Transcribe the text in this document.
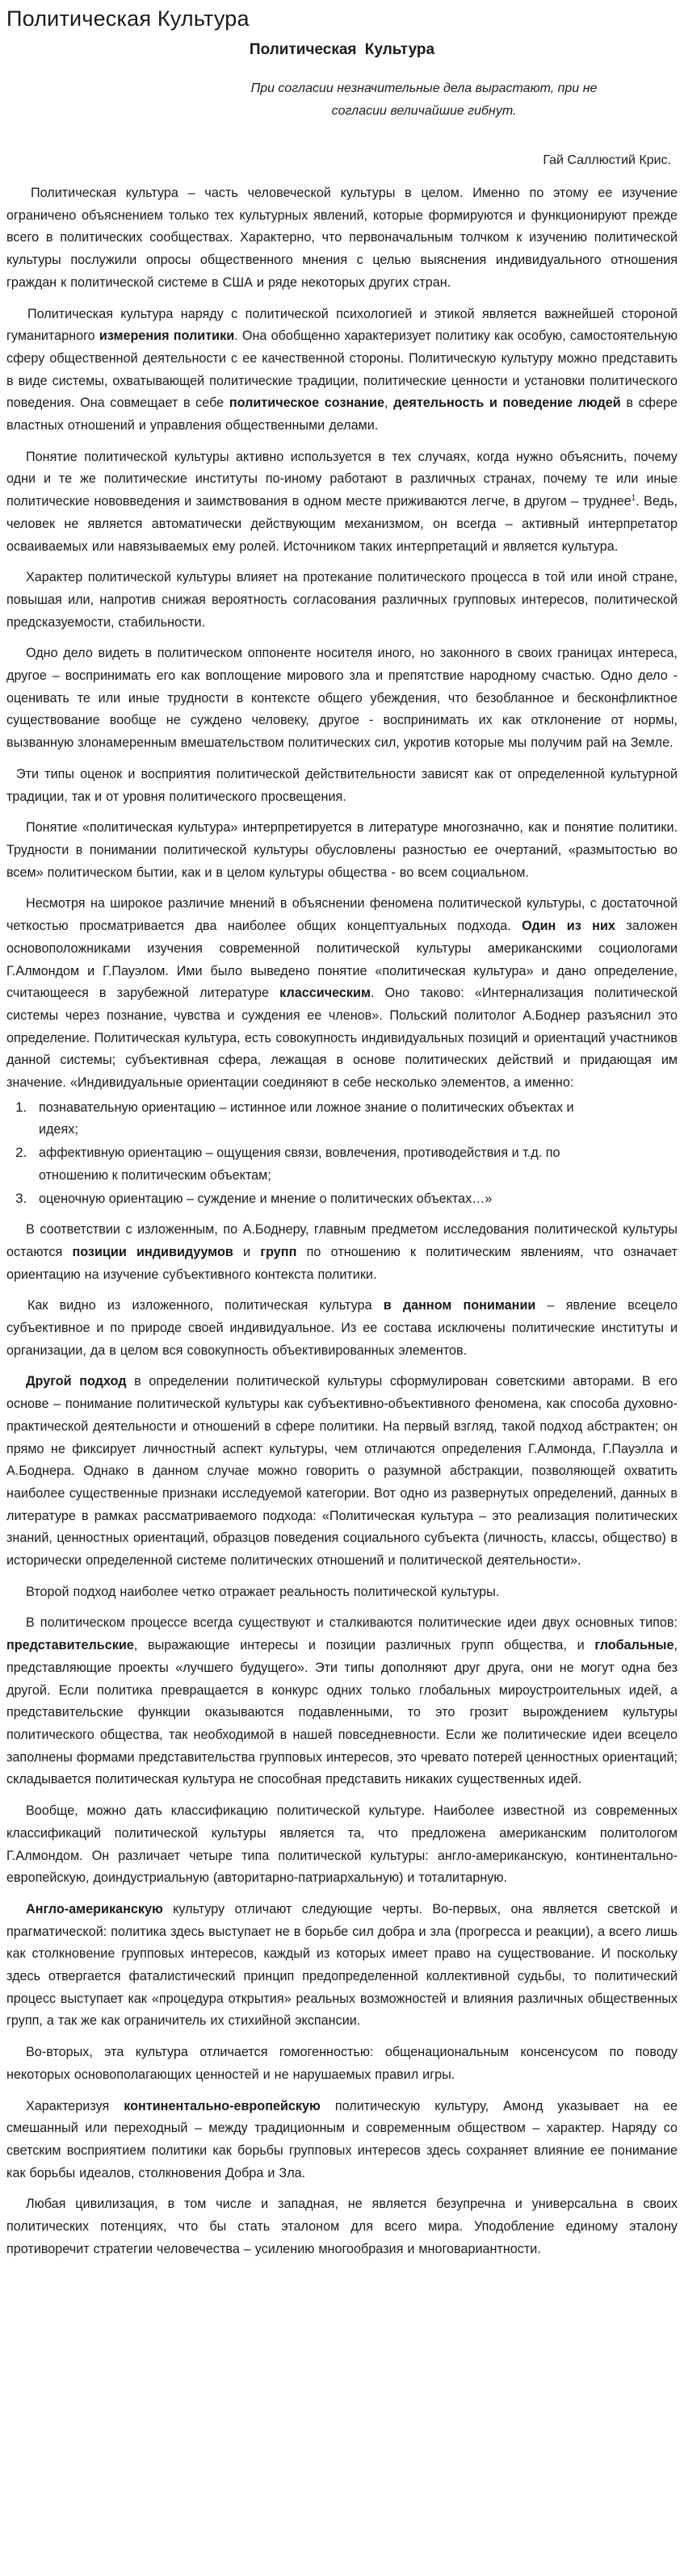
Политическая Культура
Политическая Культура
При согласии незначительные дела вырастают, при не
согласии величайшие гибнут.
Гай Саллюстий Крис.

Политическая культура – часть человеческой культуры в целом. Именно по этому ее изучение ограничено объяснением только тех культурных явлений, которые формируются и функционируют прежде всего в политических сообществах. Характерно, что первоначальным толчком к изучению политической культуры послужили опросы общественного мнения с целью выяснения индивидуального отношения граждан к политической системе в США и ряде некоторых других стран.

Политическая культура наряду с политической психологией и этикой является важнейшей стороной гуманитарного измерения политики. Она обобщенно характеризует политику как особую, самостоятельную сферу общественной деятельности с ее качественной стороны. Политическую культуру можно представить в виде системы, охватывающей политические традиции, политические ценности и установки политического поведения. Она совмещает в себе политическое сознание, деятельность и поведение людей в сфере властных отношений и управления общественными делами.

Понятие политической культуры активно используется в тех случаях, когда нужно объяснить, почему одни и те же политические институты по-иному работают в различных странах, почему те или иные политические нововведения и заимствования в одном месте приживаются легче, в другом – труднее$^1$. Ведь, человек не является автоматически действующим механизмом, он всегда – активный интерпретатор осваиваемых или навязываемых ему ролей. Источником таких интерпретаций и является культура.

Характер политической культуры влияет на протекание политического процесса в той или иной стране, повышая или, напротив снижая вероятность согласования различных групповых интересов, политической предсказуемости, стабильности.

Одно дело видеть в политическом оппоненте носителя иного, но законного в своих границах интереса, другое – воспринимать его как воплощение мирового зла и препятствие народному счастью. Одно дело - оценивать те или иные трудности в контексте общего убеждения, что безобланное и бесконфликтное существование вообще не суждено человеку, другое - воспринимать их как отклонение от нормы, вызванную злонамеренным вмешательством политических сил, укротив которые мы получим рай на Земле.

Эти типы оценок и восприятия политической действительности зависят как от определенной культурной традиции, так и от уровня политического просвещения.

Понятие «политическая культура» интерпретируется в литературе многозначно, как и понятие политики. Трудности в понимании политической культуры обусловлены разностью ее очертаний, «размытостью во всем» политическом бытии, как и в целом культуры общества - во всем социальном.

Несмотря на широкое различие мнений в объяснении феномена политической культуры, с достаточной четкостью просматривается два наиболее общих концептуальных подхода. Один из них заложен основоположниками изучения современной политической культуры американскими социологами Г.Алмондом и Г.Пауэлом. Ими было выведено понятие «политическая культура» и дано определение, считающееся в зарубежной литературе классическим. Оно таково: «Интернализация политической системы через познание, чувства и суждения ее членов». Польский политолог А.Боднер разъяснил это определение. Политическая культура, есть совокупность индивидуальных позиций и ориентаций участников данной системы; субъективная сфера, лежащая в основе политических действий и придающая им значение. «Индивидуальные ориентации соединяют в себе несколько элементов, а именно:

1. познавательную ориентацию – истинное или ложное знание о политических объектах и
идеях;
2. аффективную ориентацию – ощущения связи, вовлечения, противодействия и т.д. по
отношению к политическим объектам;
3. оценочную ориентацию – суждение и мнение о политических объектах…»

В соответствии с изложенным, по А.Боднеру, главным предметом исследования политической культуры остаются позиции индивидуумов и групп по отношению к политическим явлениям, что означает ориентацию на изучение субъективного контекста политики.

Как видно из изложенного, политическая культура в данном понимании – явление всецело субъективное и по природе своей индивидуальное. Из ее состава исключены политические институты и организации, да в целом вся совокупность объективированных элементов.

Другой подход в определении политической культуры сформулирован советскими авторами. В его основе – понимание политической культуры как субъективно-объективного феномена, как способа духовно-практической деятельности и отношений в сфере политики. На первый взгляд, такой подход абстрактен; он прямо не фиксирует личностный аспект культуры, чем отличаются определения Г.Алмонда, Г.Пауэлла и А.Боднера. Однако в данном случае можно говорить о разумной абстракции, позволяющей охватить наиболее существенные признаки исследуемой категории. Вот одно из развернутых определений, данных в литературе в рамках рассматриваемого подхода: «Политическая культура – это реализация политических знаний, ценностных ориентаций, образцов поведения социального субъекта (личность, классы, общество) в исторически определенной системе политических отношений и политической деятельности».

Второй подход наиболее четко отражает реальность политической культуры.

В политическом процессе всегда существуют и сталкиваются политические идеи двух основных типов: представительские, выражающие интересы и позиции различных групп общества, и глобальные, представляющие проекты «лучшего будущего». Эти типы дополняют друг друга, они не могут одна без другой. Если политика превращается в конкурс одних только глобальных мироустроительных идей, а представительские функции оказываются подавленными, то это грозит вырождением культуры политического общества, так необходимой в нашей повседневности. Если же политические идеи всецело заполнены формами представительства групповых интересов, это чревато потерей ценностных ориентаций; складывается политическая культура не способная представить никаких существенных идей.

Вообще, можно дать классификацию политической культуре. Наиболее известной из современных классификаций политической культуры является та, что предложена американским политологом Г.Алмондом. Он различает четыре типа политической культуры: англо-американскую, континентально-европейскую, доиндустриальную (авторитарно-патриархальную) и тоталитарную.

Англо-американскую культуру отличают следующие черты. Во-первых, она является светской и прагматической: политика здесь выступает не в борьбе сил добра и зла (прогресса и реакции), а всего лишь как столкновение групповых интересов, каждый из которых имеет право на существование. И поскольку здесь отвергается фаталистический принцип предопределенной коллективной судьбы, то политический процесс выступает как «процедура открытия» реальных возможностей и влияния различных общественных групп, а так же как ограничитель их стихийной экспансии.

Во-вторых, эта культура отличается гомогенностью: общенациональным консенсусом по поводу некоторых основополагающих ценностей и не нарушаемых правил игры.

Характеризуя континентально-европейскую политическую культуру, Амонд указывает на ее смешанный или переходный – между традиционным и современным обществом – характер. Наряду со светским восприятием политики как борьбы групповых интересов здесь сохраняет влияние ее понимание как борьбы идеалов, столкновения Добра и Зла.

Любая цивилизация, в том числе и западная, не является безупречна и универсальна в своих политических потенциях, что бы стать эталоном для всего мира. Уподобление единому эталону противоречит стратегии человечества – усилению многообразия и многовариантности.
